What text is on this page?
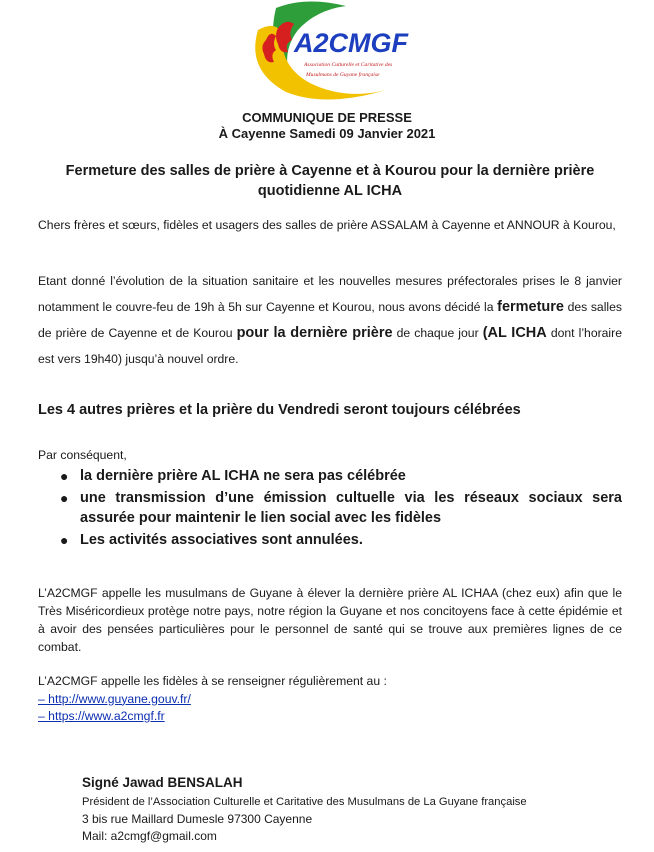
A2CMGF
Association Culturelle et Caritative des
Musulmans de Guyane française
COMMUNIQUE DE PRESSE
À Cayenne Samedi 09 Janvier 2021
Fermeture des salles de prière à Cayenne et à Kourou pour la dernière prière quotidienne AL ICHA
Chers frères et sœurs, fidèles et usagers des salles de prière ASSALAM à Cayenne et ANNOUR à Kourou,
Etant donné l’évolution de la situation sanitaire et les nouvelles mesures préfectorales prises le 8 janvier notamment le couvre-feu de 19h à 5h sur Cayenne et Kourou, nous avons décidé la fermeture des salles de prière de Cayenne et de Kourou pour la dernière prière de chaque jour (AL ICHA dont l’horaire est vers 19h40) jusqu’à nouvel ordre.
Les 4 autres prières et la prière du Vendredi seront toujours célébrées
Par conséquent,
● la dernière prière AL ICHA ne sera pas célébrée
● une transmission d’une émission cultuelle via les réseaux sociaux sera assurée pour maintenir le lien social avec les fidèles
● Les activités associatives sont annulées.
L’A2CMGF appelle les musulmans de Guyane à élever la dernière prière AL ICHAA (chez eux) afin que le Très Miséricordieux protège notre pays, notre région la Guyane et nos concitoyens face à cette épidémie et à avoir des pensées particulières pour le personnel de santé qui se trouve aux premières lignes de ce combat.
L’A2CMGF appelle les fidèles à se renseigner régulièrement au :
– http://www.guyane.gouv.fr/
– https://www.a2cmgf.fr
Signé Jawad BENSALAH
Président de l’Association Culturelle et Caritative des Musulmans de La Guyane française
3 bis rue Maillard Dumesle 97300 Cayenne
Mail: a2cmgf@gmail.com
